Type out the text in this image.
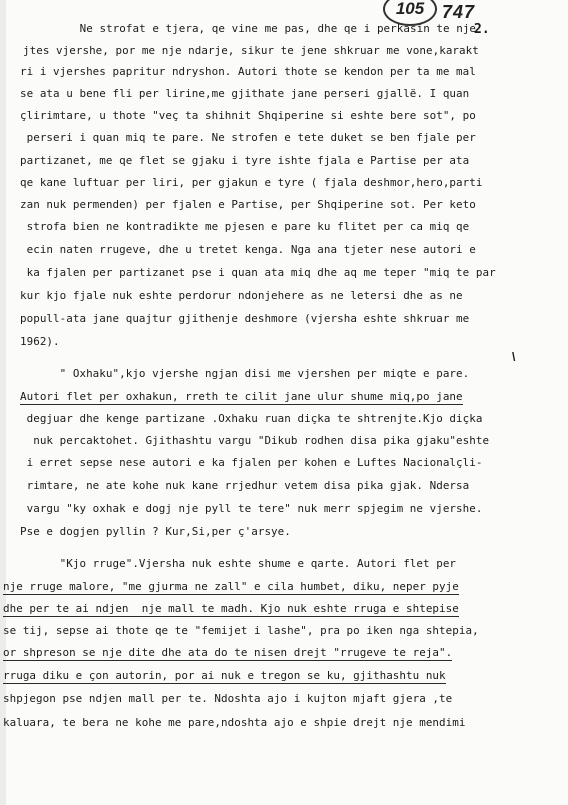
105 747
2.
Ne strofat e tjera, qe vine me pas, dhe qe i perkasin te nje
jtes vjershe, por me nje ndarje, sikur te jene shkruar me vone,karakt
ri i vjershes papritur ndryshon. Autori thote se kendon per ta me mal
se ata u bene fli per lirine,me gjithate jane perseri gjallë. I quan
çlirimtare, u thote "veç ta shihnit Shqiperine si eshte bere sot", po
perseri i quan miq te pare. Ne strofen e tete duket se ben fjale per
partizanet, me qe flet se gjaku i tyre ishte fjala e Partise per ata
qe kane luftuar per liri, per gjakun e tyre ( fjala deshmor,hero,parti
zan nuk permenden) per fjalen e Partise, per Shqiperine sot. Per keto
strofa bien ne kontradikte me pjesen e pare ku flitet per ca miq qe
ecin naten rrugeve, dhe u tretet kenga. Nga ana tjeter nese autori e
ka fjalen per partizanet pse i quan ata miq dhe aq me teper "miq te par
kur kjo fjale nuk eshte perdorur ndonjehere as ne letersi dhe as ne
popull-ata jane quajtur gjithenje deshmore (vjersha eshte shkruar me
1962).
" Oxhaku",kjo vjershe ngjan disi me vjershen per miqte e pare.
Autori flet per oxhakun, rreth te cilit jane ulur shume miq,po jane
degjuar dhe kenge partizane .Oxhaku ruan diçka te shtrenjte.Kjo diçka
nuk percaktohet. Gjithashtu vargu "Dikub rodhen disa pika gjaku"eshte
i erret sepse nese autori e ka fjalen per kohen e Luftes Nacionalçli-
rimtare, ne ate kohe nuk kane rrjedhur vetem disa pika gjak. Ndersa
vargu "ky oxhak e dogj nje pyll te tere" nuk merr spjegim ne vjershe.
Pse e dogjen pyllin ? Kur,Si,per ç'arsye.
"Kjo rruge".Vjersha nuk eshte shume e qarte. Autori flet per
nje rruge malore, "me gjurma ne zall" e cila humbet, diku, neper pyje
dhe per te ai ndjen  nje mall te madh. Kjo nuk eshte rruga e shtepise
se tij, sepse ai thote qe te "femijet i lashe", pra po iken nga shtepia,
or shpreson se nje dite dhe ata do te nisen drejt "rrugeve te reja".
rruga diku e çon autorin, por ai nuk e tregon se ku, gjithashtu nuk
shpjegon pse ndjen mall per te. Ndoshta ajo i kujton mjaft gjera ,te
kaluara, te bera ne kohe me pare,ndoshta ajo e shpie drejt nje mendimi
\
